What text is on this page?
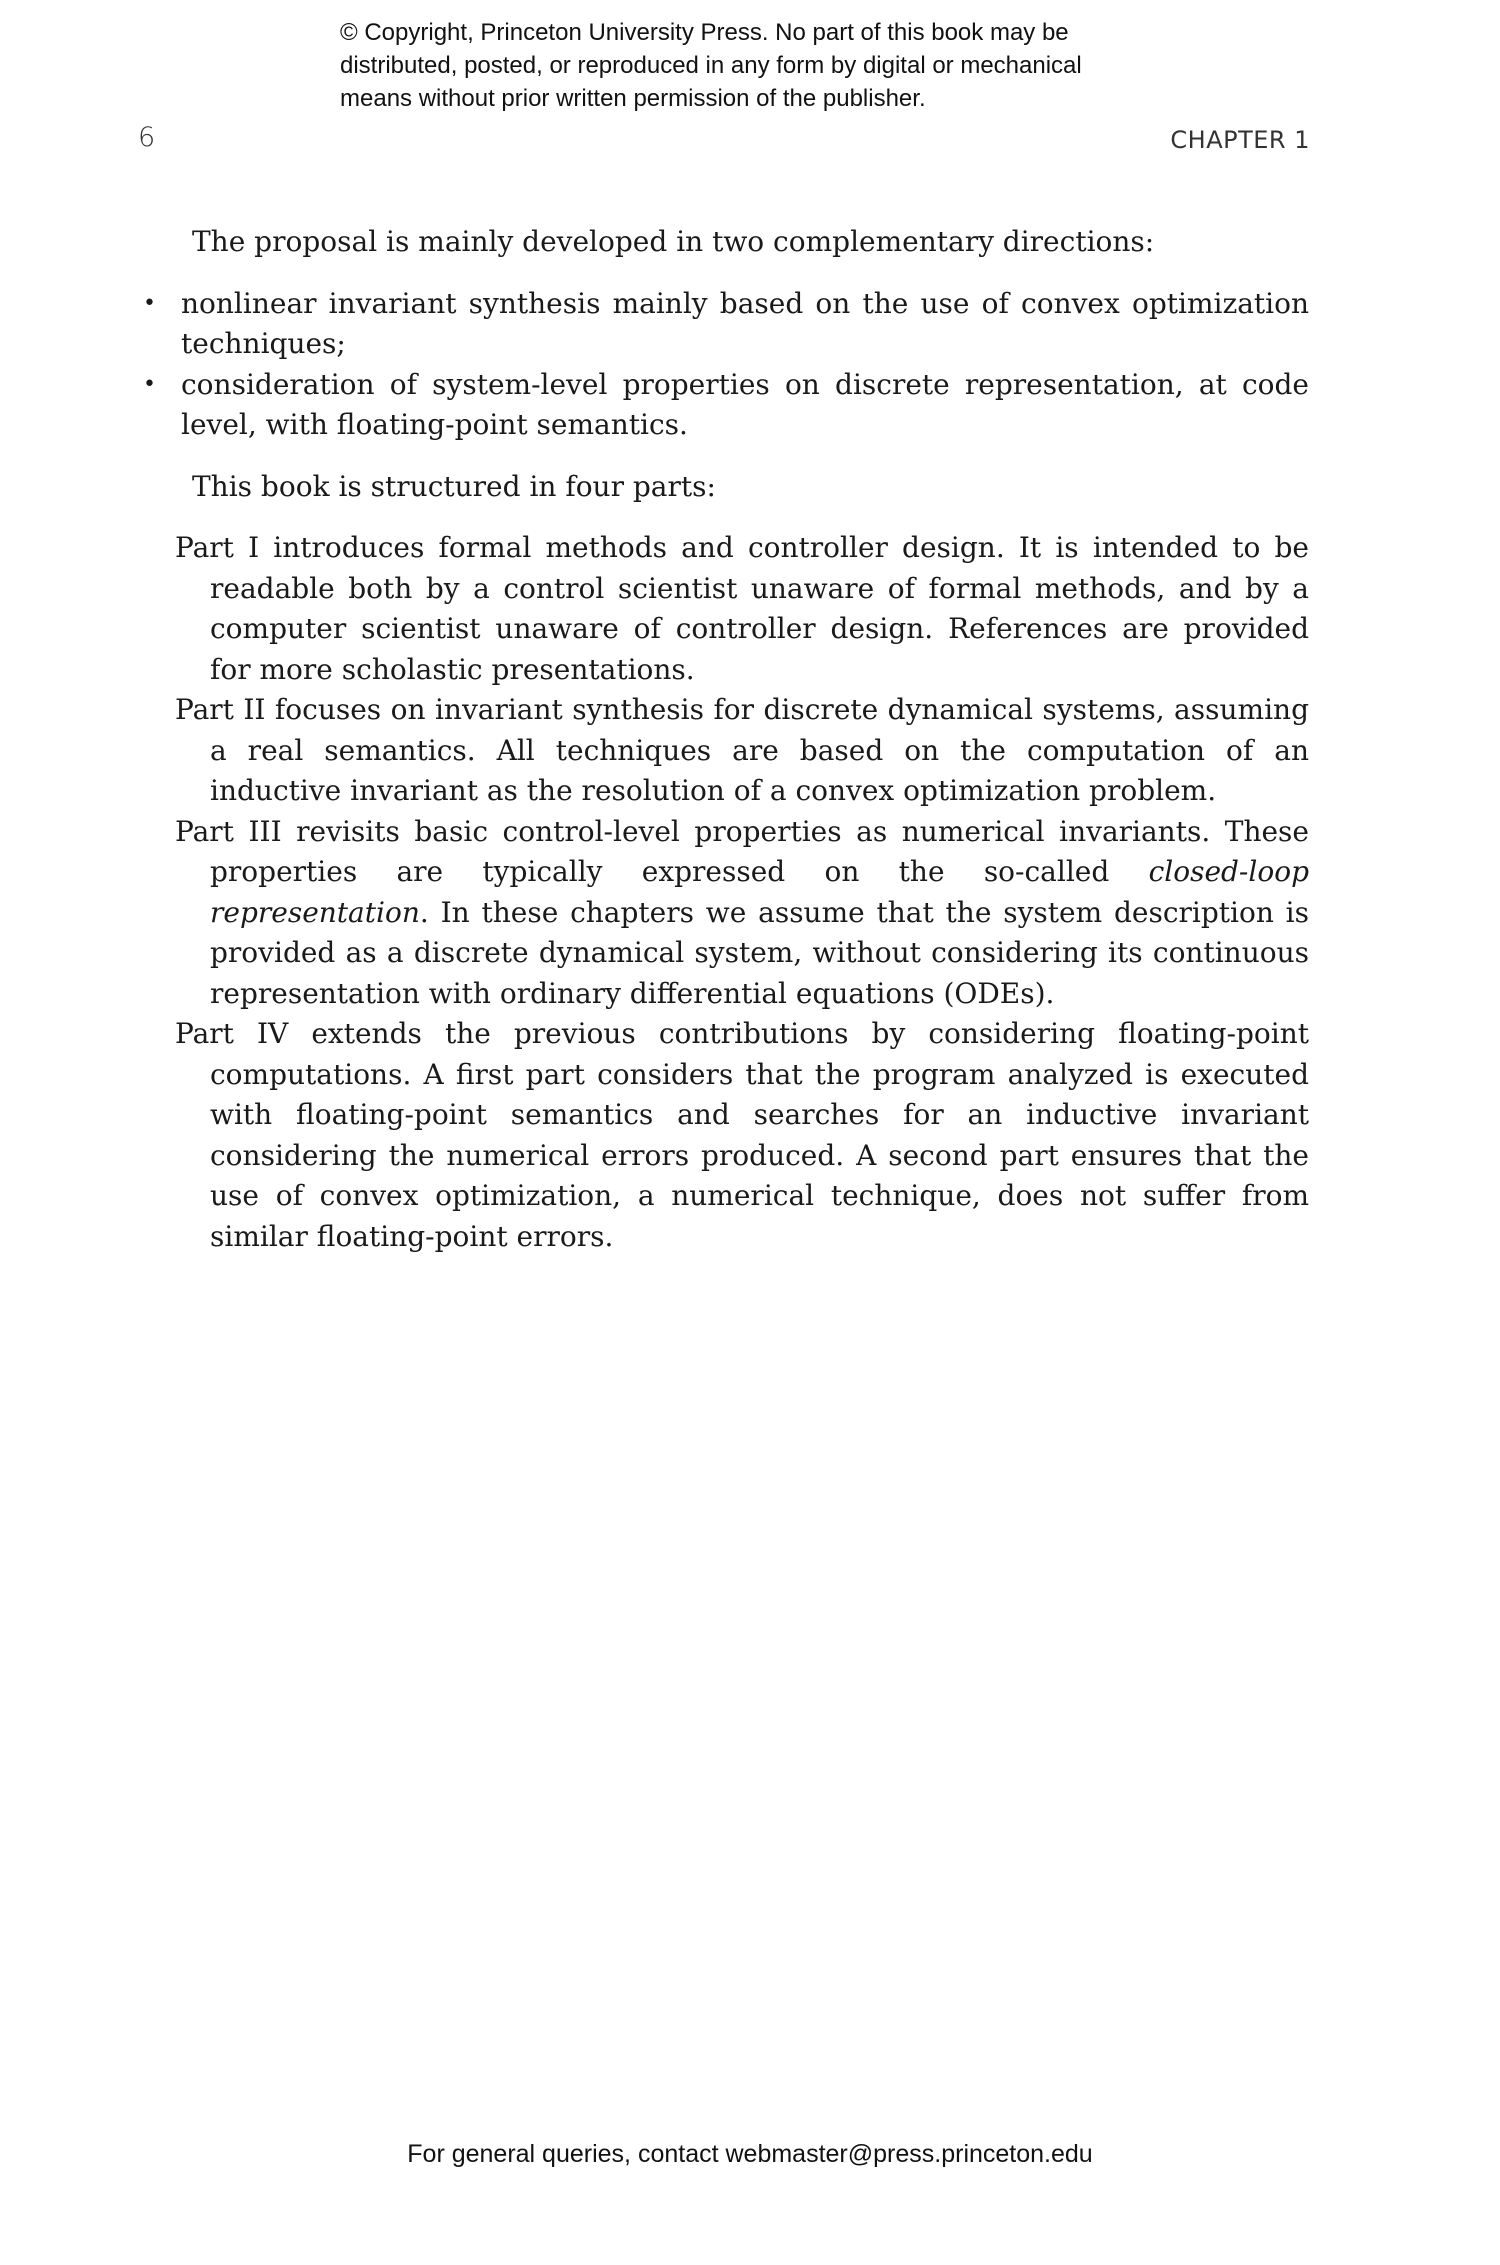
© Copyright, Princeton University Press. No part of this book may be
distributed, posted, or reproduced in any form by digital or mechanical
means without prior written permission of the publisher.
6	CHAPTER 1

The proposal is mainly developed in two complementary directions:

• nonlinear invariant synthesis mainly based on the use of convex optimization techniques;
• consideration of system-level properties on discrete representation, at code level, with floating-point semantics.

This book is structured in four parts:

Part I introduces formal methods and controller design. It is intended to be readable both by a control scientist unaware of formal methods, and by a computer scientist unaware of controller design. References are provided for more scholastic presentations.

Part II focuses on invariant synthesis for discrete dynamical systems, assuming a real semantics. All techniques are based on the computation of an inductive invariant as the resolution of a convex optimization problem.

Part III revisits basic control-level properties as numerical invariants. These properties are typically expressed on the so-called closed-loop representation. In these chapters we assume that the system description is provided as a discrete dynamical system, without considering its continuous representation with ordinary differential equations (ODEs).

Part IV extends the previous contributions by considering floating-point computations. A first part considers that the program analyzed is executed with floating-point semantics and searches for an inductive invariant considering the numerical errors produced. A second part ensures that the use of convex optimization, a numerical technique, does not suffer from similar floating-point errors.

For general queries, contact webmaster@press.princeton.edu
